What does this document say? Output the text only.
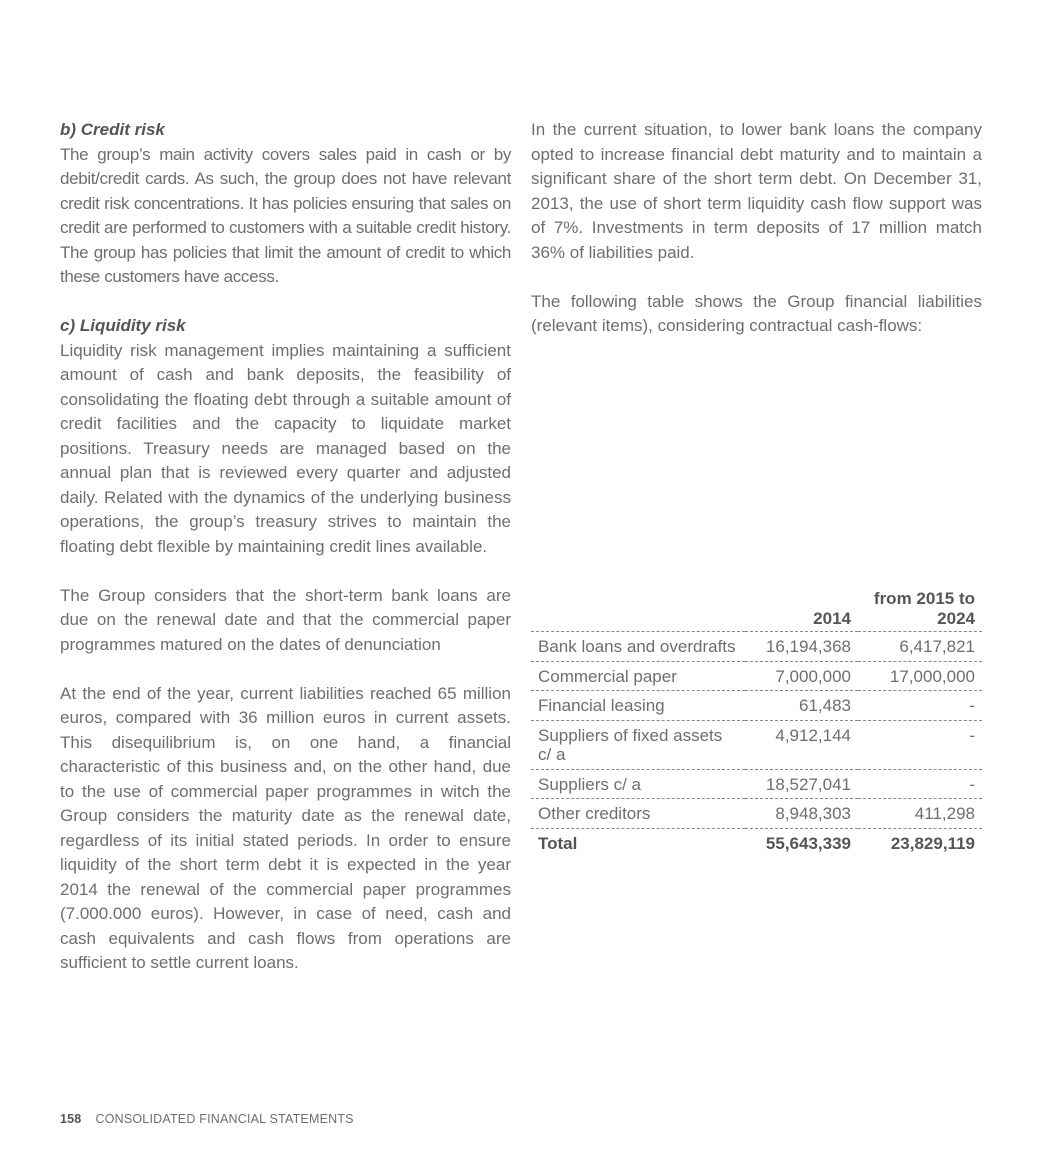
b) Credit risk

The group’s main activity covers sales paid in cash or by debit/credit cards. As such, the group does not have relevant credit risk concentrations. It has policies ensuring that sales on credit are performed to customers with a suitable credit history. The group has policies that limit the amount of credit to which these customers have access.

c) Liquidity risk

Liquidity risk management implies maintaining a sufficient amount of cash and bank deposits, the feasibility of consolidating the floating debt through a suitable amount of credit facilities and the capacity to liquidate market positions. Treasury needs are managed based on the annual plan that is reviewed every quarter and adjusted daily. Related with the dynamics of the underlying business operations, the group’s treasury strives to maintain the floating debt flexible by maintaining credit lines available.

The Group considers that the short-term bank loans are due on the renewal date and that the commercial paper programmes matured on the dates of denunciation

At the end of the year, current liabilities reached 65 million euros, compared with 36 million euros in current assets. This disequilibrium is, on one hand, a financial characteristic of this business and, on the other hand, due to the use of commercial paper programmes in witch the Group considers the maturity date as the renewal date, regardless of its initial stated periods. In order to ensure liquidity of the short term debt it is expected in the year 2014 the renewal of the commercial paper programmes (7.000.000 euros). However, in case of need, cash and cash equivalents and cash flows from operations are sufficient to settle current loans.

In the current situation, to lower bank loans the company opted to increase financial debt maturity and to maintain a significant share of the short term debt. On December 31, 2013, the use of short term liquidity cash flow support was of 7%. Investments in term deposits of 17 million match 36% of liabilities paid.

The following table shows the Group financial liabilities (relevant items), considering contractual cash-flows:

	2014	from 2015 to 2024
Bank loans and overdrafts	16,194,368	6,417,821
Commercial paper	7,000,000	17,000,000
Financial leasing	61,483	-
Suppliers of fixed assets c/ a	4,912,144	-
Suppliers c/ a	18,527,041	-
Other creditors	8,948,303	411,298
Total	55,643,339	23,829,119
158 CONSOLIDATED FINANCIAL STATEMENTS
